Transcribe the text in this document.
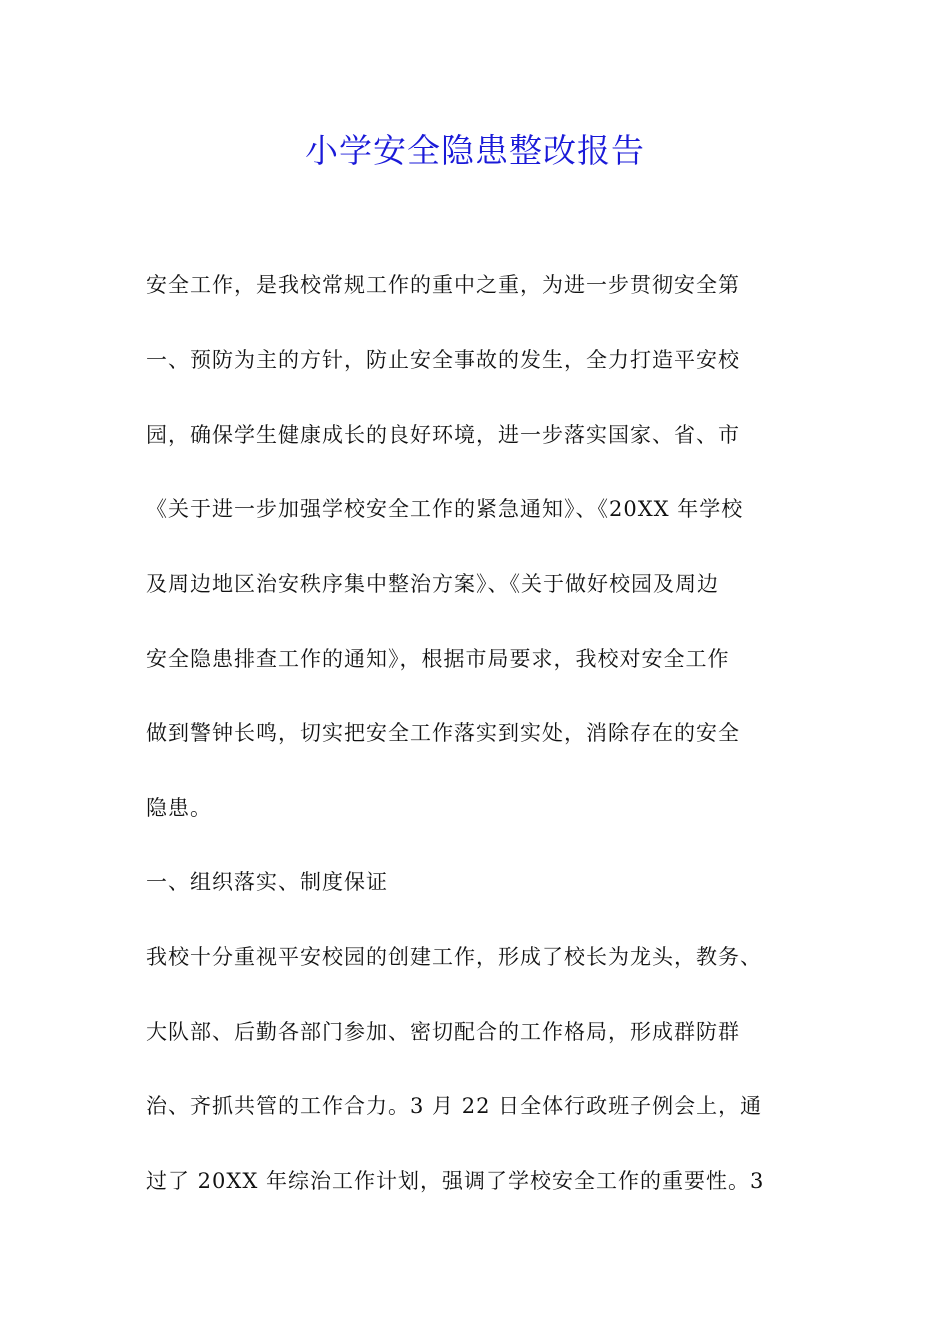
小学安全隐患整改报告
安全工作，是我校常规工作的重中之重，为进一步贯彻安全第
一、预防为主的方针，防止安全事故的发生，全力打造平安校
园，确保学生健康成长的良好环境，进一步落实国家、省、市
《关于进一步加强学校安全工作的紧急通知》、《20XX 年学校
及周边地区治安秩序集中整治方案》、《关于做好校园及周边
安全隐患排查工作的通知》，根据市局要求，我校对安全工作
做到警钟长鸣，切实把安全工作落实到实处，消除存在的安全
隐患。
一、组织落实、制度保证
我校十分重视平安校园的创建工作，形成了校长为龙头，教务、
大队部、后勤各部门参加、密切配合的工作格局，形成群防群
治、齐抓共管的工作合力。3 月 22 日全体行政班子例会上，通
过了 20XX 年综治工作计划，强调了学校安全工作的重要性。3
